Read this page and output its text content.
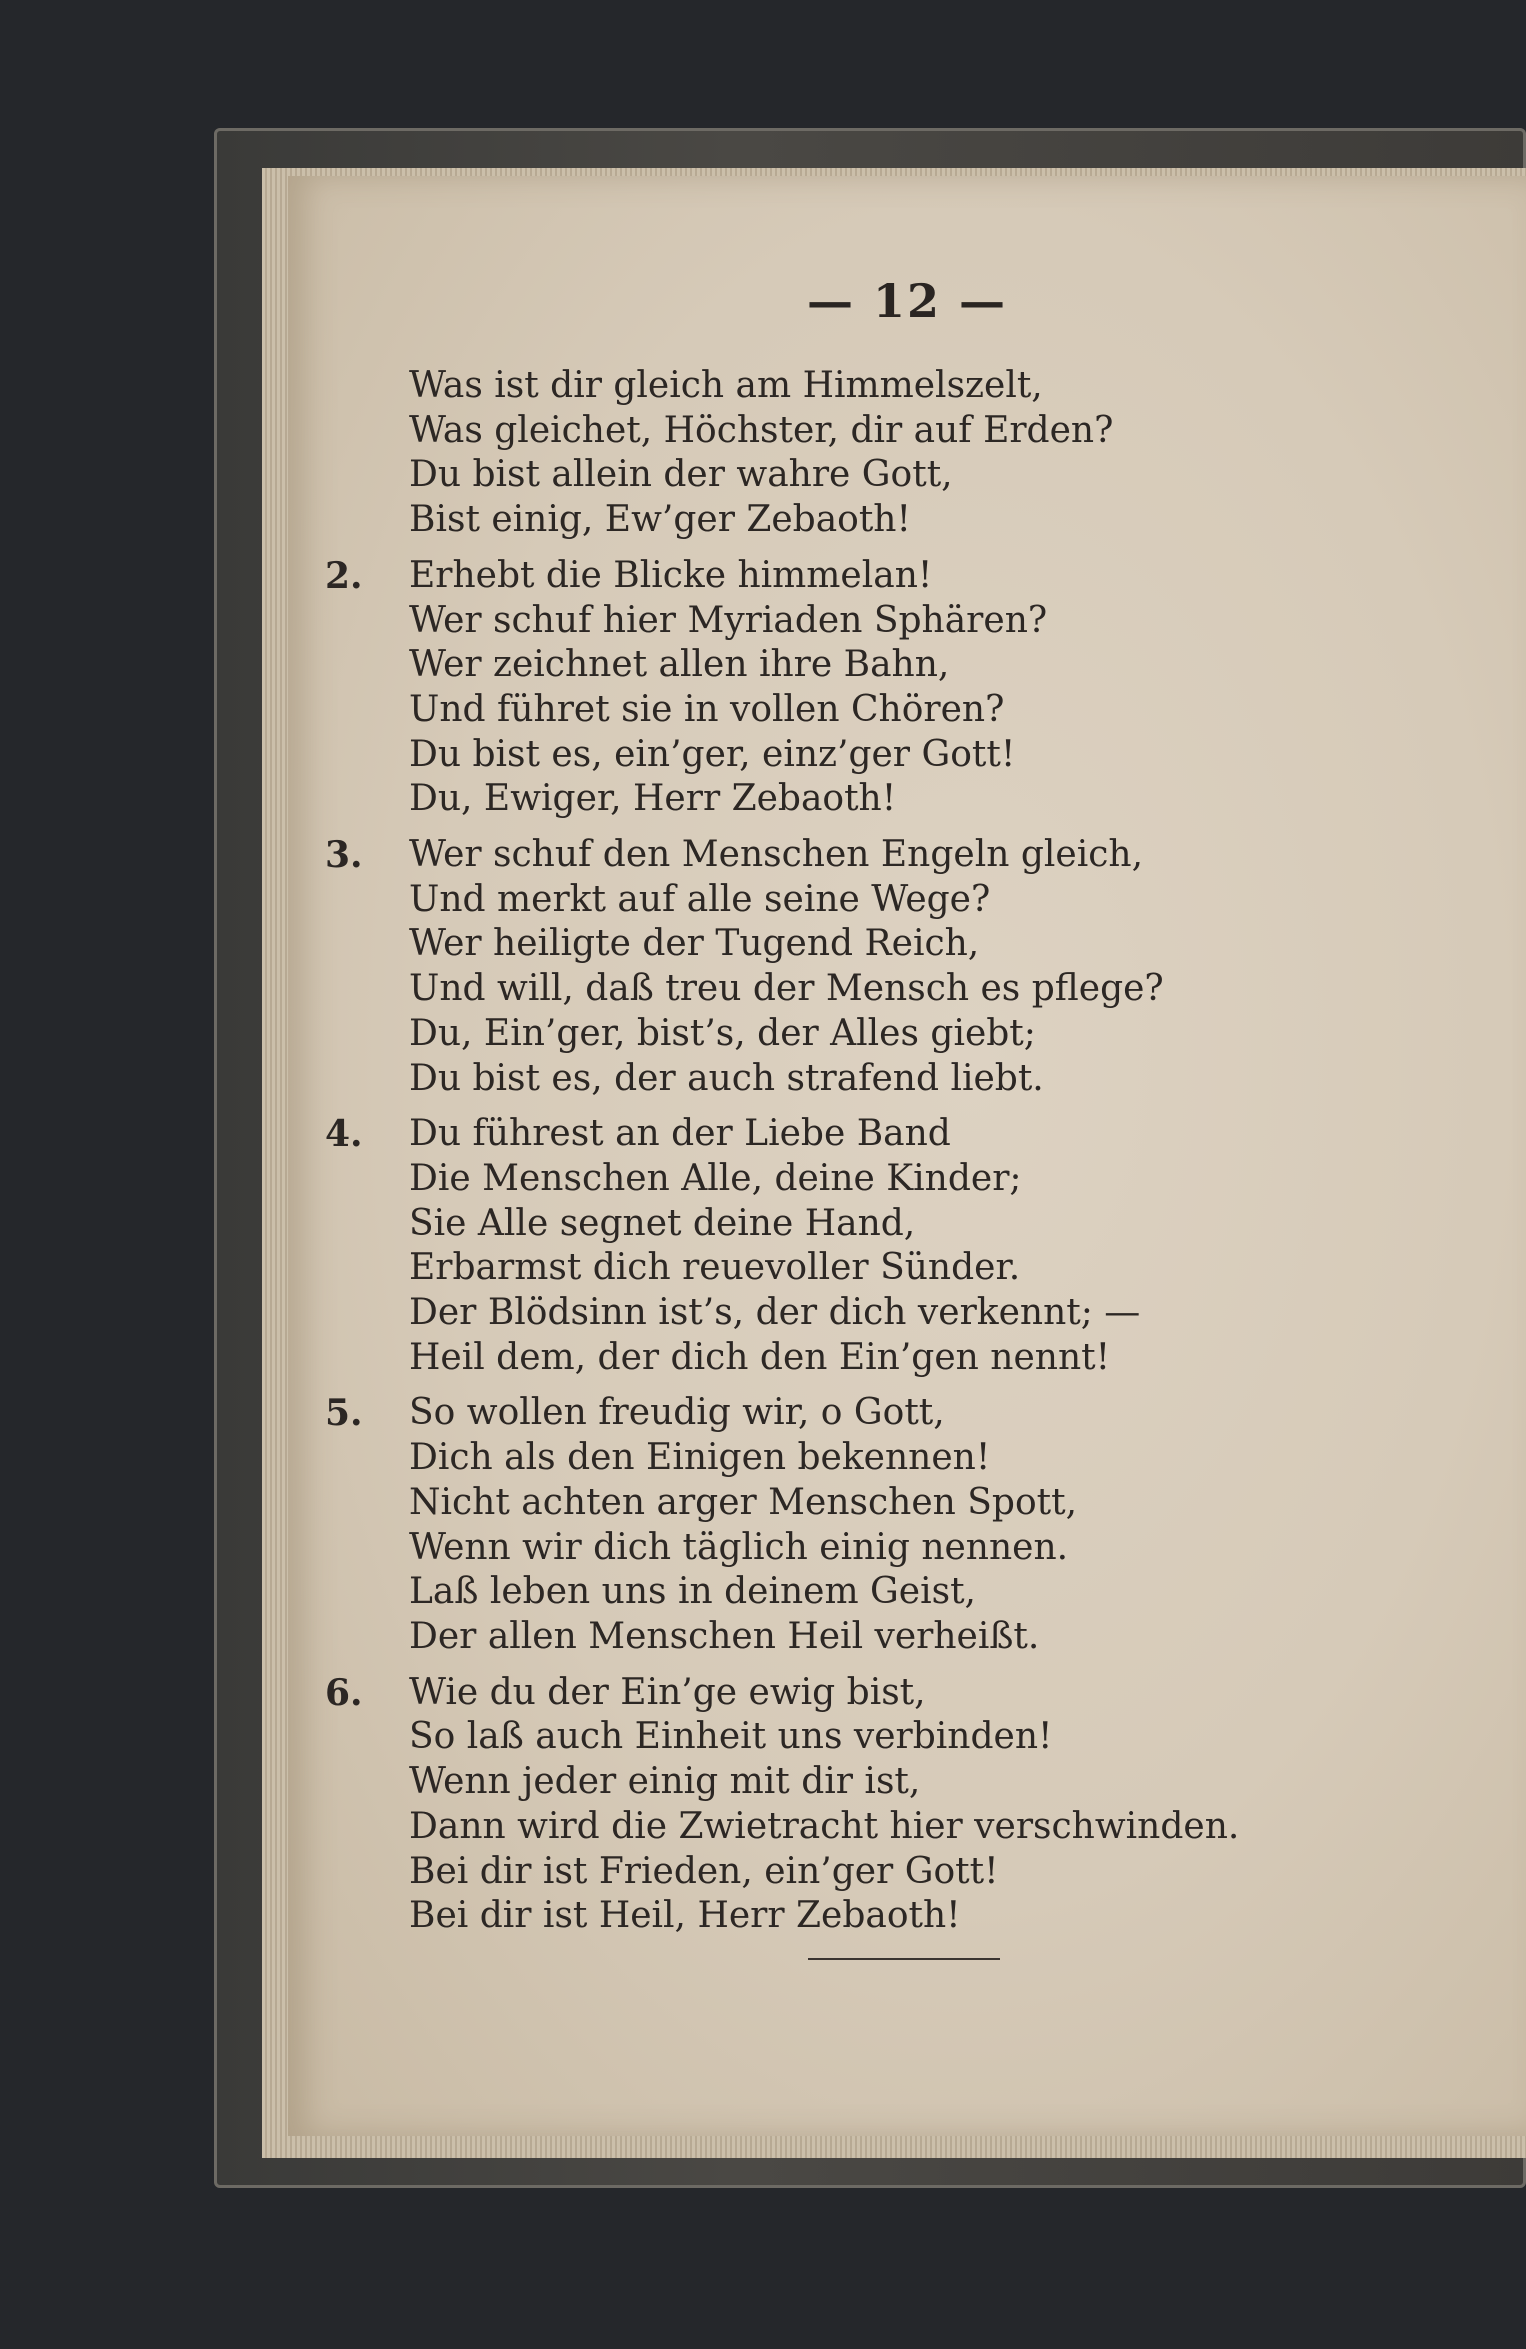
— 12 —
Was ist dir gleich am Himmelszelt,
Was gleichet, Höchster, dir auf Erden?
Du bist allein der wahre Gott,
Bist einig, Ew’ger Zebaoth!
2. Erhebt die Blicke himmelan!
Wer schuf hier Myriaden Sphären?
Wer zeichnet allen ihre Bahn,
Und führet sie in vollen Chören?
Du bist es, ein’ger, einz’ger Gott!
Du, Ewiger, Herr Zebaoth!
3. Wer schuf den Menschen Engeln gleich,
Und merkt auf alle seine Wege?
Wer heiligte der Tugend Reich,
Und will, daß treu der Mensch es pflege?
Du, Ein’ger, bist’s, der Alles giebt;
Du bist es, der auch strafend liebt.
4. Du führest an der Liebe Band
Die Menschen Alle, deine Kinder;
Sie Alle segnet deine Hand,
Erbarmst dich reuevoller Sünder.
Der Blödsinn ist’s, der dich verkennt; —
Heil dem, der dich den Ein’gen nennt!
5. So wollen freudig wir, o Gott,
Dich als den Einigen bekennen!
Nicht achten arger Menschen Spott,
Wenn wir dich täglich einig nennen.
Laß leben uns in deinem Geist,
Der allen Menschen Heil verheißt.
6. Wie du der Ein’ge ewig bist,
So laß auch Einheit uns verbinden!
Wenn jeder einig mit dir ist,
Dann wird die Zwietracht hier verschwinden.
Bei dir ist Frieden, ein’ger Gott!
Bei dir ist Heil, Herr Zebaoth!
